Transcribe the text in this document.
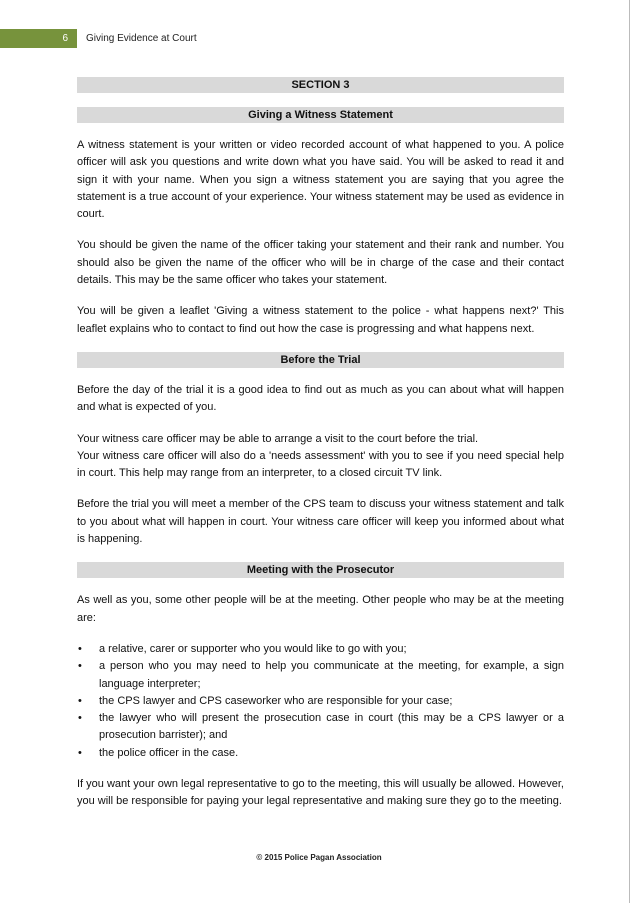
6	Giving Evidence at Court
SECTION 3
Giving a Witness Statement

A witness statement is your written or video recorded account of what happened to you. A police officer will ask you questions and write down what you have said. You will be asked to read it and sign it with your name. When you sign a witness statement you are saying that you agree the statement is a true account of your experience. Your witness statement may be used as evidence in court.

You should be given the name of the officer taking your statement and their rank and number. You should also be given the name of the officer who will be in charge of the case and their contact details. This may be the same officer who takes your statement.

You will be given a leaflet 'Giving a witness statement to the police - what happens next?' This leaflet explains who to contact to find out how the case is progressing and what happens next.

Before the Trial

Before the day of the trial it is a good idea to find out as much as you can about what will happen and what is expected of you.

Your witness care officer may be able to arrange a visit to the court before the trial.

Your witness care officer will also do a 'needs assessment' with you to see if you need special help in court. This help may range from an interpreter, to a closed circuit TV link.

Before the trial you will meet a member of the CPS team to discuss your witness statement and talk to you about what will happen in court. Your witness care officer will keep you informed about what is happening.

Meeting with the Prosecutor

As well as you, some other people will be at the meeting. Other people who may be at the meeting are:

• a relative, carer or supporter who you would like to go with you;
• a person who you may need to help you communicate at the meeting, for example, a sign language interpreter;
• the CPS lawyer and CPS caseworker who are responsible for your case;
• the lawyer who will present the prosecution case in court (this may be a CPS lawyer or a prosecution barrister); and
• the police officer in the case.

If you want your own legal representative to go to the meeting, this will usually be allowed. However, you will be responsible for paying your legal representative and making sure they go to the meeting.

© 2015 Police Pagan Association
